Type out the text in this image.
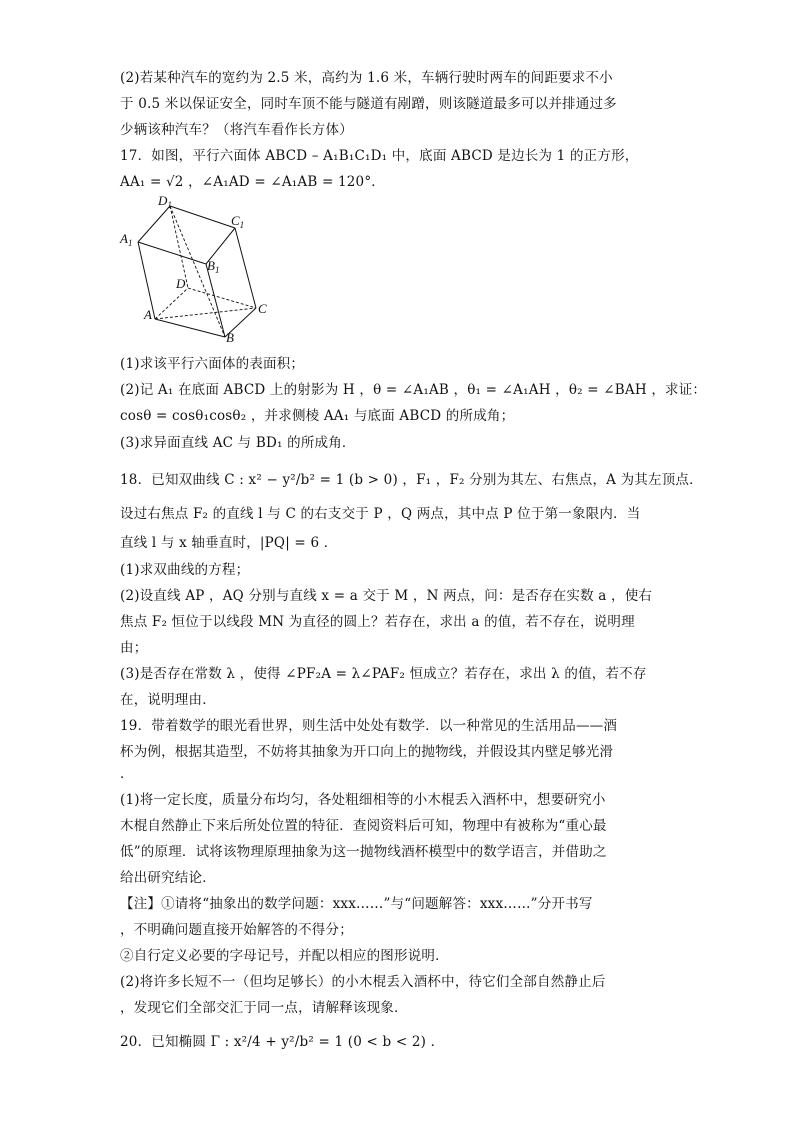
(2)若某种汽车的宽约为 2.5 米，高约为 1.6 米，车辆行驶时两车的间距要求不小
于 0.5 米以保证安全，同时车顶不能与隧道有剐蹭，则该隧道最多可以并排通过多
少辆该种汽车？（将汽车看作长方体）
17．如图，平行六面体 ABCD – A₁B₁C₁D₁ 中，底面 ABCD 是边长为 1 的正方形，
AA₁ = √2 ，∠A₁AD = ∠A₁AB = 120°．
$D_1$
$C_1$
$A_1$
$B_1$
D
A	C
B
(1)求该平行六面体的表面积；
(2)记 A₁ 在底面 ABCD 上的射影为 H ，θ = ∠A₁AB ，θ₁ = ∠A₁AH ，θ₂ = ∠BAH ，求证：
cosθ = cosθ₁cosθ₂ ，并求侧棱 AA₁ 与底面 ABCD 的所成角；
(3)求异面直线 AC 与 BD₁ 的所成角．
18．已知双曲线 C : x² − y²/b² = 1 (b > 0) ，F₁ ，F₂ 分别为其左、右焦点，A 为其左顶点．
设过右焦点 F₂ 的直线 l 与 C 的右支交于 P ，Q 两点，其中点 P 位于第一象限内．当
直线 l 与 x 轴垂直时，|PQ| = 6 ．
(1)求双曲线的方程；
(2)设直线 AP ，AQ 分别与直线 x = a 交于 M ，N 两点，问：是否存在实数 a ，使右
焦点 F₂ 恒位于以线段 MN 为直径的圆上？若存在，求出 a 的值，若不存在，说明理
由；
(3)是否存在常数 λ ，使得 ∠PF₂A = λ∠PAF₂ 恒成立？若存在，求出 λ 的值，若不存
在，说明理由．
19．带着数学的眼光看世界，则生活中处处有数学．以一种常见的生活用品——酒
杯为例，根据其造型，不妨将其抽象为开口向上的抛物线，并假设其内壁足够光滑
．
(1)将一定长度，质量分布均匀，各处粗细相等的小木棍丢入酒杯中，想要研究小
木棍自然静止下来后所处位置的特征．查阅资料后可知，物理中有被称为“重心最
低”的原理．试将该物理原理抽象为这一抛物线酒杯模型中的数学语言，并借助之
给出研究结论．
【注】①请将“抽象出的数学问题：xxx……”与“问题解答：xxx……”分开书写
，不明确问题直接开始解答的不得分；
②自行定义必要的字母记号，并配以相应的图形说明．
(2)将许多长短不一（但均足够长）的小木棍丢入酒杯中，待它们全部自然静止后
，发现它们全部交汇于同一点，请解释该现象．
20．已知椭圆 Γ : x²/4 + y²/b² = 1 (0 < b < 2) ．
